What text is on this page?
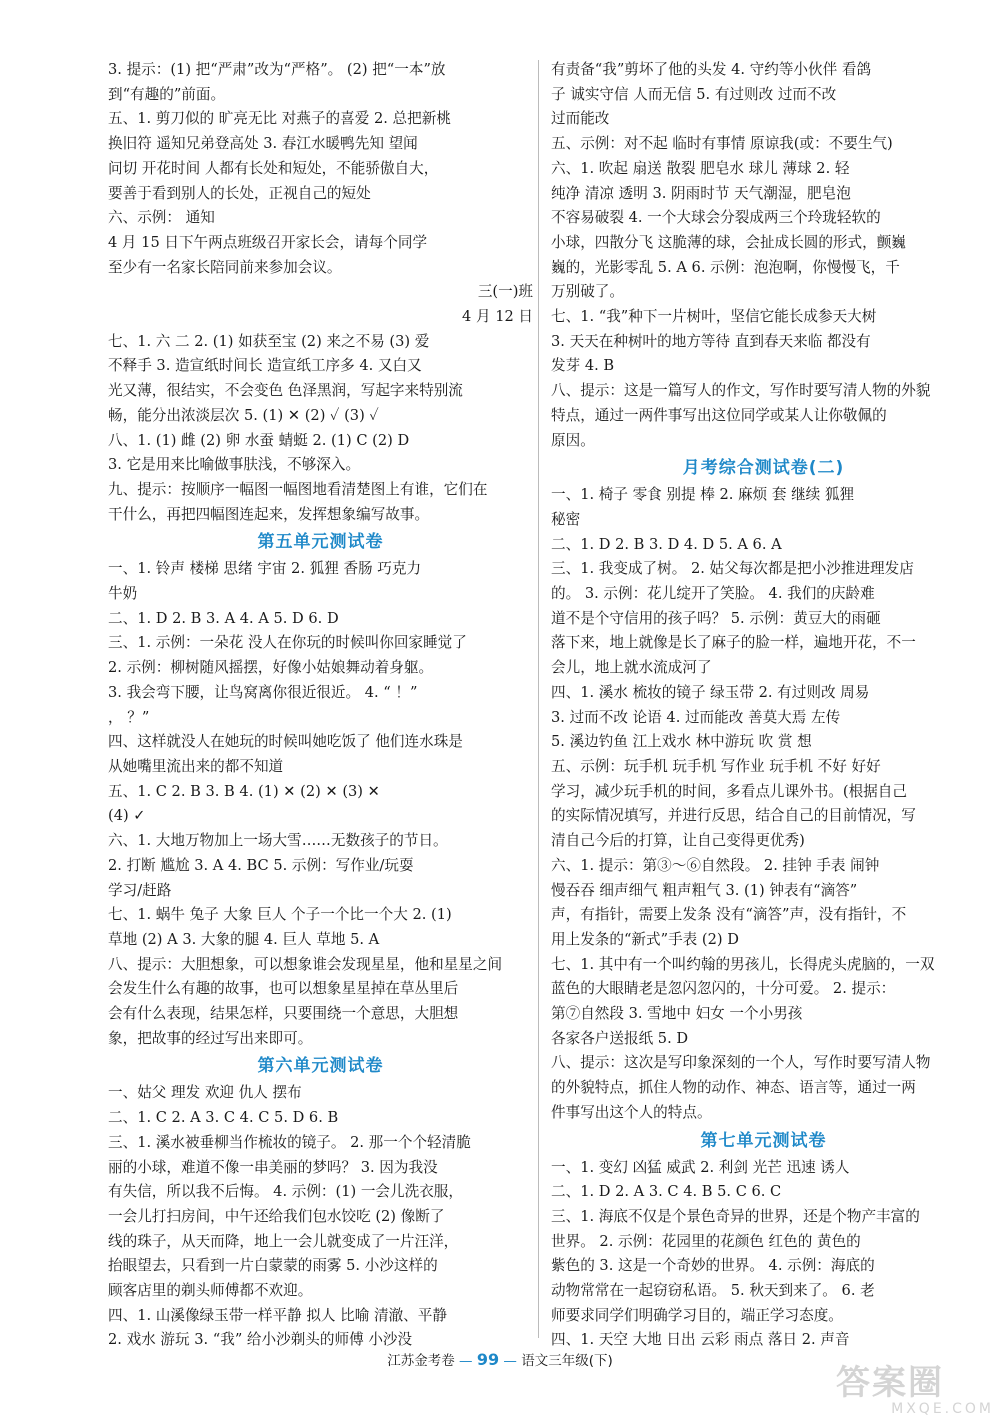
3. 提示：(1) 把“严肃”改为“严格”。 (2) 把“一本”放
到“有趣的”前面。
五、1. 剪刀似的 旷亮无比 对燕子的喜爱 2. 总把新桃
换旧符 遥知兄弟登高处 3. 春江水暖鸭先知 望闻
问切 开花时间 人都有长处和短处，不能骄傲自大，
要善于看到别人的长处，正视自己的短处
六、示例： 通知
4 月 15 日下午两点班级召开家长会，请每个同学
至少有一名家长陪同前来参加会议。
三(一)班
4 月 12 日
七、1. 六 二 2. (1) 如获至宝 (2) 来之不易 (3) 爱
不释手 3. 造宣纸时间长 造宣纸工序多 4. 又白又
光又薄，很结实，不会变色 色泽黑润，写起字来特别流
畅，能分出浓淡层次 5. (1) ✕ (2) ✓ (3) ✓
八、1. (1) 雌 (2) 卵 水蚕 蜻蜓 2. (1) C (2) D
3. 它是用来比喻做事肤浅，不够深入。
九、提示：按顺序一幅图一幅图地看清楚图上有谁，它们在
干什么，再把四幅图连起来，发挥想象编写故事。
第五单元测试卷
一、1. 铃声 楼梯 思绪 宇宙 2. 狐狸 香肠 巧克力
牛奶
二、1. D 2. B 3. A 4. A 5. D 6. D
三、1. 示例：一朵花 没人在你玩的时候叫你回家睡觉了
2. 示例：柳树随风摇摆，好像小姑娘舞动着身躯。
3. 我会弯下腰，让鸟窝离你很近很近。 4. “ ！”
， ？”
四、这样就没人在她玩的时候叫她吃饭了 他们连水珠是
从她嘴里流出来的都不知道
五、1. C 2. B 3. B 4. (1) ✕ (2) ✕ (3) ✕
(4) ✓
六、1. 大地万物加上一场大雪……无数孩子的节日。
2. 打断 尴尬 3. A 4. BC 5. 示例：写作业/玩耍
学习/赶路
七、1. 蜗牛 兔子 大象 巨人 个子一个比一个大 2. (1)
草地 (2) A 3. 大象的腿 4. 巨人 草地 5. A
八、提示：大胆想象，可以想象谁会发现星星，他和星星之间
会发生什么有趣的故事，也可以想象星星掉在草丛里后
会有什么表现，结果怎样，只要围绕一个意思，大胆想
象，把故事的经过写出来即可。
第六单元测试卷
一、姑父 理发 欢迎 仇人 摆布
二、1. C 2. A 3. C 4. C 5. D 6. B
三、1. 溪水被垂柳当作梳妆的镜子。 2. 那一个个轻清脆
丽的小球，难道不像一串美丽的梦吗？ 3. 因为我没
有失信，所以我不后悔。 4. 示例：(1) 一会儿洗衣服，
一会儿打扫房间，中午还给我们包水饺吃 (2) 像断了
线的珠子，从天而降，地上一会儿就变成了一片汪洋，
抬眼望去，只看到一片白蒙蒙的雨雾 5. 小沙这样的
顾客店里的剃头师傅都不欢迎。
四、1. 山溪像绿玉带一样平静 拟人 比喻 清澈、平静
2. 戏水 游玩 3. “我” 给小沙剃头的师傅 小沙没
有责备“我”剪坏了他的头发 4. 守约等小伙伴 看鸽
子 诚实守信 人而无信 5. 有过则改 过而不改
过而能改
五、示例：对不起 临时有事情 原谅我(或：不要生气)
六、1. 吹起 扇送 散裂 肥皂水 球儿 薄球 2. 轻
纯净 清凉 透明 3. 阴雨时节 天气潮湿，肥皂泡
不容易破裂 4. 一个大球会分裂成两三个玲珑轻软的
小球，四散分飞 这脆薄的球，会扯成长圆的形式，颤巍
巍的，光影零乱 5. A 6. 示例：泡泡啊，你慢慢飞，千
万别破了。
七、1. “我”种下一片树叶，坚信它能长成参天大树
3. 天天在种树叶的地方等待 直到春天来临 都没有
发芽 4. B
八、提示：这是一篇写人的作文，写作时要写清人物的外貌
特点，通过一两件事写出这位同学或某人让你敬佩的
原因。
月考综合测试卷(二)
一、1. 椅子 零食 别提 棒 2. 麻烦 套 继续 狐狸
秘密
二、1. D 2. B 3. D 4. D 5. A 6. A
三、1. 我变成了树。 2. 姑父每次都是把小沙推进理发店
的。 3. 示例：花儿绽开了笑脸。 4. 我们的庆龄难
道不是个守信用的孩子吗？ 5. 示例：黄豆大的雨砸
落下来，地上就像是长了麻子的脸一样，遍地开花，不一
会儿，地上就水流成河了
四、1. 溪水 梳妆的镜子 绿玉带 2. 有过则改 周易
3. 过而不改 论语 4. 过而能改 善莫大焉 左传
5. 溪边钓鱼 江上戏水 林中游玩 吹 赏 想
五、示例：玩手机 玩手机 写作业 玩手机 不好 好好
学习，减少玩手机的时间，多看点儿课外书。(根据自己
的实际情况填写，并进行反思，结合自己的目前情况，写
清自己今后的打算，让自己变得更优秀)
六、1. 提示：第③～⑥自然段。 2. 挂钟 手表 闹钟
慢吞吞 细声细气 粗声粗气 3. (1) 钟表有“滴答”
声，有指针，需要上发条 没有“滴答”声，没有指针，不
用上发条的“新式”手表 (2) D
七、1. 其中有一个叫约翰的男孩儿，长得虎头虎脑的，一双
蓝色的大眼睛老是忽闪忽闪的，十分可爱。 2. 提示：
第⑦自然段 3. 雪地中 妇女 一个小男孩
各家各户送报纸 5. D
八、提示：这次是写印象深刻的一个人，写作时要写清人物
的外貌特点，抓住人物的动作、神态、语言等，通过一两
件事写出这个人的特点。
第七单元测试卷
一、1. 变幻 凶猛 威武 2. 利剑 光芒 迅速 诱人
二、1. D 2. A 3. C 4. B 5. C 6. C
三、1. 海底不仅是个景色奇异的世界，还是个物产丰富的
世界。 2. 示例：花园里的花颜色 红色的 黄色的
紫色的 3. 这是一个奇妙的世界。 4. 示例：海底的
动物常常在一起窃窃私语。 5. 秋天到来了。 6. 老
师要求同学们明确学习目的，端正学习态度。
四、1. 天空 大地 日出 云彩 雨点 落日 2. 声音
江苏金考卷 — 99 — 语文三年级(下)
答案圈
MXQE.COM
